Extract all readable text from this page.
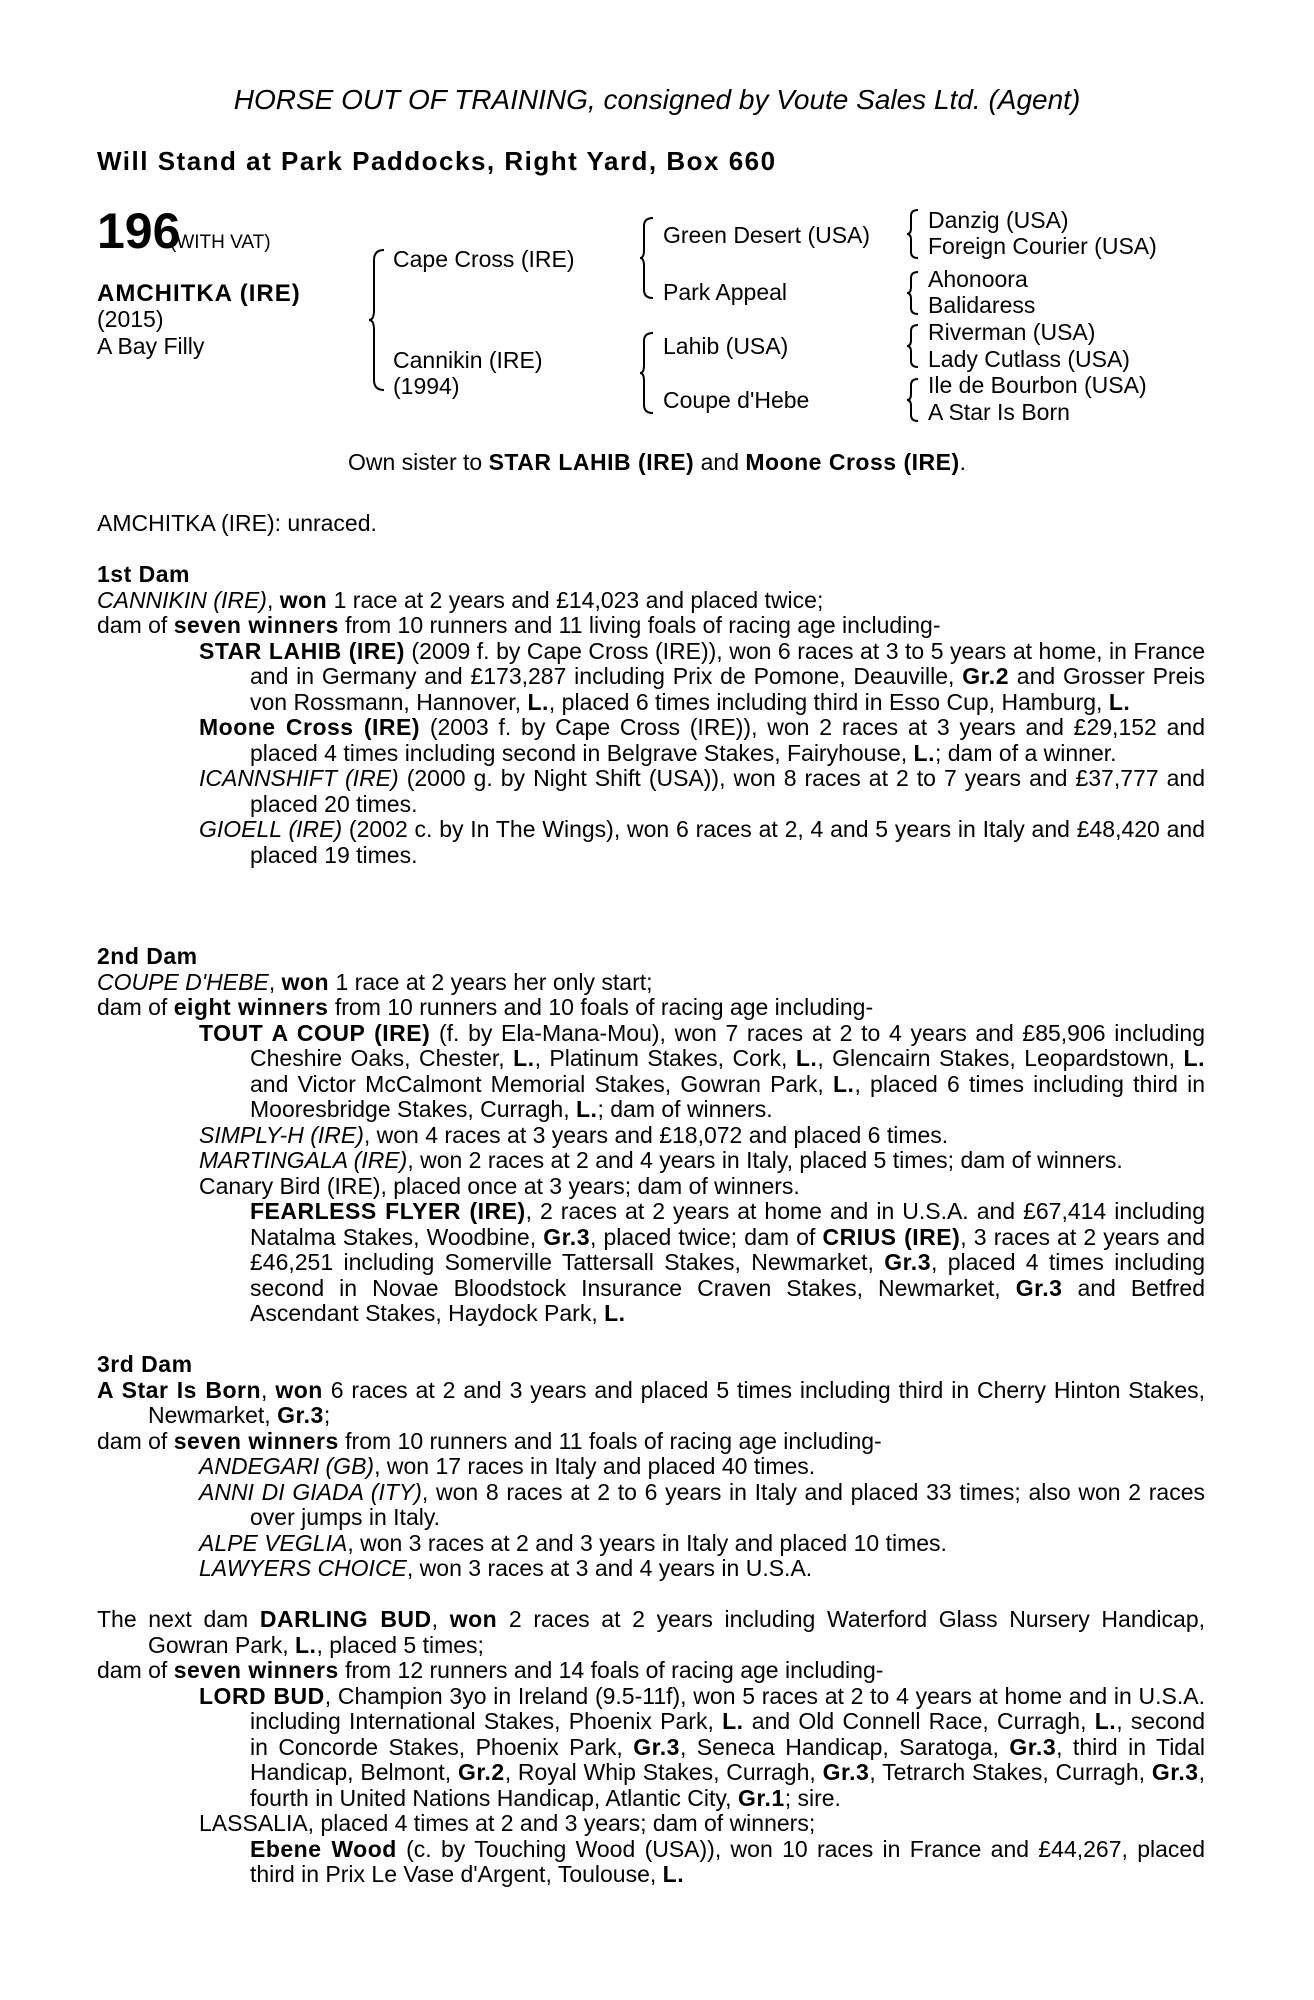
HORSE OUT OF TRAINING, consigned by Voute Sales Ltd. (Agent)
Will Stand at Park Paddocks, Right Yard, Box 660
196
(WITH VAT)
AMCHITKA (IRE)
(2015)
A Bay Filly
Cape Cross (IRE)
Cannikin (IRE)
(1994)
Green Desert (USA)
Park Appeal
Lahib (USA)
Coupe d'Hebe
Danzig (USA)
Foreign Courier (USA)
Ahonoora
Balidaress
Riverman (USA)
Lady Cutlass (USA)
Ile de Bourbon (USA)
A Star Is Born
Own sister to STAR LAHIB (IRE) and Moone Cross (IRE).
AMCHITKA (IRE): unraced.

1st Dam

CANNIKIN (IRE), won 1 race at 2 years and £14,023 and placed twice;

dam of seven winners from 10 runners and 11 living foals of racing age including-

STAR LAHIB (IRE) (2009 f. by Cape Cross (IRE)), won 6 races at 3 to 5 years at home, in France and in Germany and £173,287 including Prix de Pomone, Deauville, Gr.2 and Grosser Preis von Rossmann, Hannover, L., placed 6 times including third in Esso Cup, Hamburg, L.

Moone Cross (IRE) (2003 f. by Cape Cross (IRE)), won 2 races at 3 years and £29,152 and placed 4 times including second in Belgrave Stakes, Fairyhouse, L.; dam of a winner.

ICANNSHIFT (IRE) (2000 g. by Night Shift (USA)), won 8 races at 2 to 7 years and £37,777 and placed 20 times.

GIOELL (IRE) (2002 c. by In The Wings), won 6 races at 2, 4 and 5 years in Italy and £48,420 and placed 19 times.

2nd Dam

COUPE D'HEBE, won 1 race at 2 years her only start;

dam of eight winners from 10 runners and 10 foals of racing age including-

TOUT A COUP (IRE) (f. by Ela-Mana-Mou), won 7 races at 2 to 4 years and £85,906 including Cheshire Oaks, Chester, L., Platinum Stakes, Cork, L., Glencairn Stakes, Leopardstown, L. and Victor McCalmont Memorial Stakes, Gowran Park, L., placed 6 times including third in Mooresbridge Stakes, Curragh, L.; dam of winners.

SIMPLY-H (IRE), won 4 races at 3 years and £18,072 and placed 6 times.

MARTINGALA (IRE), won 2 races at 2 and 4 years in Italy, placed 5 times; dam of winners.

Canary Bird (IRE), placed once at 3 years; dam of winners.

FEARLESS FLYER (IRE), 2 races at 2 years at home and in U.S.A. and £67,414 including Natalma Stakes, Woodbine, Gr.3, placed twice; dam of CRIUS (IRE), 3 races at 2 years and £46,251 including Somerville Tattersall Stakes, Newmarket, Gr.3, placed 4 times including second in Novae Bloodstock Insurance Craven Stakes, Newmarket, Gr.3 and Betfred Ascendant Stakes, Haydock Park, L.

3rd Dam

A Star Is Born, won 6 races at 2 and 3 years and placed 5 times including third in Cherry Hinton Stakes, Newmarket, Gr.3;

dam of seven winners from 10 runners and 11 foals of racing age including-

ANDEGARI (GB), won 17 races in Italy and placed 40 times.

ANNI DI GIADA (ITY), won 8 races at 2 to 6 years in Italy and placed 33 times; also won 2 races over jumps in Italy.

ALPE VEGLIA, won 3 races at 2 and 3 years in Italy and placed 10 times.

LAWYERS CHOICE, won 3 races at 3 and 4 years in U.S.A.

The next dam DARLING BUD, won 2 races at 2 years including Waterford Glass Nursery Handicap, Gowran Park, L., placed 5 times;

dam of seven winners from 12 runners and 14 foals of racing age including-

LORD BUD, Champion 3yo in Ireland (9.5-11f), won 5 races at 2 to 4 years at home and in U.S.A. including International Stakes, Phoenix Park, L. and Old Connell Race, Curragh, L., second in Concorde Stakes, Phoenix Park, Gr.3, Seneca Handicap, Saratoga, Gr.3, third in Tidal Handicap, Belmont, Gr.2, Royal Whip Stakes, Curragh, Gr.3, Tetrarch Stakes, Curragh, Gr.3, fourth in United Nations Handicap, Atlantic City, Gr.1; sire.

LASSALIA, placed 4 times at 2 and 3 years; dam of winners;

Ebene Wood (c. by Touching Wood (USA)), won 10 races in France and £44,267, placed third in Prix Le Vase d'Argent, Toulouse, L.
